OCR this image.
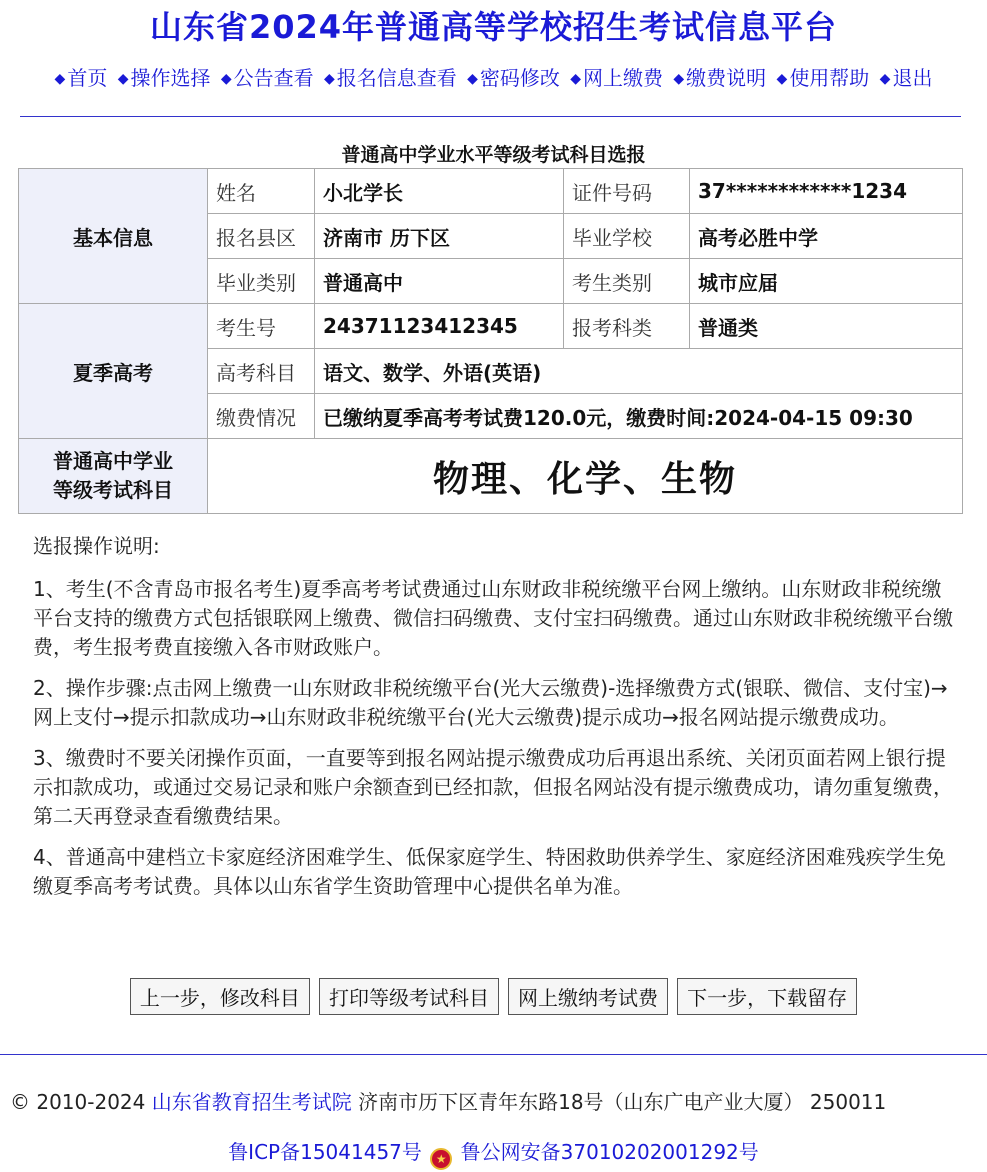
山东省2024年普通高等学校招生考试信息平台
◆ 首页 ◆ 操作选择 ◆ 公告查看 ◆ 报名信息查看 ◆ 密码修改 ◆ 网上缴费 ◆ 缴费说明 ◆ 使用帮助 ◆ 退出
普通高中学业水平等级考试科目选报
基本信息	姓名	小北学长	证件号码	37************1234
	报名县区	济南市 历下区	毕业学校	高考必胜中学
	毕业类别	普通高中	考生类别	城市应届
夏季高考	考生号	24371123412345	报考科类	普通类
	高考科目	语文、数学、外语(英语)		
	缴费情况	已缴纳夏季高考考试费120.0元，缴费时间:2024-04-15 09:30		
普通高中学业
等级考试科目	物理、化学、生物			

选报操作说明:

1、考生(不含青岛市报名考生)夏季高考考试费通过山东财政非税统缴平台网上缴纳。山东财政非税统缴平台支持的缴费方式包括银联网上缴费、微信扫码缴费、支付宝扫码缴费。通过山东财政非税统缴平台缴费，考生报考费直接缴入各市财政账户。

2、操作步骤:点击网上缴费一山东财政非税统缴平台(光大云缴费)-选择缴费方式(银联、微信、支付宝)→网上支付→提示扣款成功→山东财政非税统缴平台(光大云缴费)提示成功→报名网站提示缴费成功。

3、缴费时不要关闭操作页面，一直要等到报名网站提示缴费成功后再退出系统、关闭页面若网上银行提示扣款成功，或通过交易记录和账户余额查到已经扣款，但报名网站没有提示缴费成功，请勿重复缴费，第二天再登录查看缴费结果。

4、普通高中建档立卡家庭经济困难学生、低保家庭学生、特困救助供养学生、家庭经济困难残疾学生免缴夏季高考考试费。具体以山东省学生资助管理中心提供名单为准。

上一步，修改科目 打印等级考试科目 网上缴纳考试费 下一步，下载留存
© 2010-2024 山东省教育招生考试院 济南市历下区青年东路18号（山东广电产业大厦） 250011
鲁ICP备15041457号 ★ 鲁公网安备37010202001292号
